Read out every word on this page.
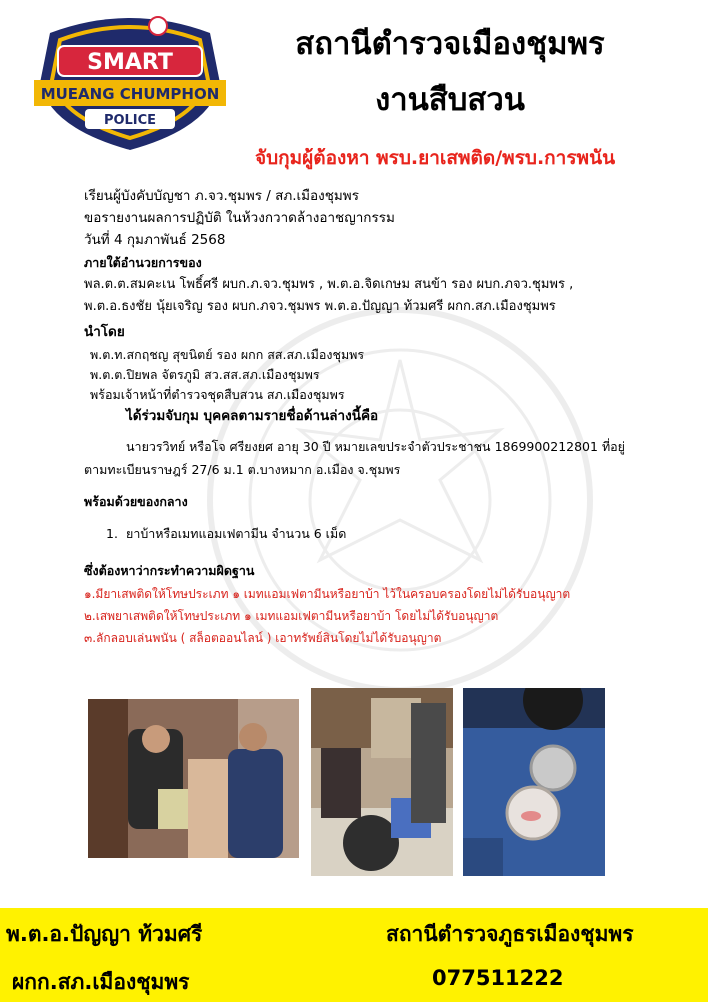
SMART
MUEANG CHUMPHON
POLICE
สถานีตำรวจเมืองชุมพร
งานสืบสวน
จับกุมผู้ต้องหา พรบ.ยาเสพติด/พรบ.การพนัน
เรียนผู้บังคับบัญชา ภ.จว.ชุมพร / สภ.เมืองชุมพร
ขอรายงานผลการปฏิบัติ ในห้วงกวาดล้างอาชญากรรม
วันที่ 4 กุมภาพันธ์ 2568
ภายใต้อำนวยการของ
พล.ต.ต.สมคะเน โพธิ์ศรี ผบก.ภ.จว.ชุมพร , พ.ต.อ.จิดเกษม สนข้า รอง ผบก.ภจว.ชุมพร ,
พ.ต.อ.ธงชัย นุ้ยเจริญ รอง ผบก.ภจว.ชุมพร พ.ต.อ.ปัญญา ท้วมศรี ผกก.สภ.เมืองชุมพร
นำโดย
พ.ต.ท.สกฤชญ สุขนิตย์ รอง ผกก สส.สภ.เมืองชุมพร
พ.ต.ต.ปิยพล จัตรภูมิ สว.สส.สภ.เมืองชุมพร
พร้อมเจ้าหน้าที่ตำรวจชุดสืบสวน สภ.เมืองชุมพร
ได้ร่วมจับกุม บุคคลตามรายชื่อด้านล่างนี้คือ
นายวรวิทย์ หรือโจ ศรียงยศ อายุ 30 ปี หมายเลขประจำตัวประชาชน 1869900212801 ที่อยู่
ตามทะเบียนราษฎร์ 27/6 ม.1 ต.บางหมาก อ.เมือง จ.ชุมพร
พร้อมด้วยของกลาง
1. ยาบ้าหรือเมทแอมเฟตามีน จำนวน 6 เม็ด
ซึ่งต้องหาว่ากระทำความผิดฐาน
๑.มียาเสพติดให้โทษประเภท ๑ เมทแอมเฟตามีนหรือยาบ้า ไว้ในครอบครองโดยไม่ได้รับอนุญาต
๒.เสพยาเสพติดให้โทษประเภท ๑ เมทแอมเฟตามีนหรือยาบ้า โดยไม่ได้รับอนุญาต
๓.ลักลอบเล่นพนัน ( สล็อตออนไลน์ ) เอาทรัพย์สินโดยไม่ได้รับอนุญาต
พ.ต.อ.ปัญญา ท้วมศรี
ผกก.สภ.เมืองชุมพร
สถานีตำรวจภูธรเมืองชุมพร
077511222
